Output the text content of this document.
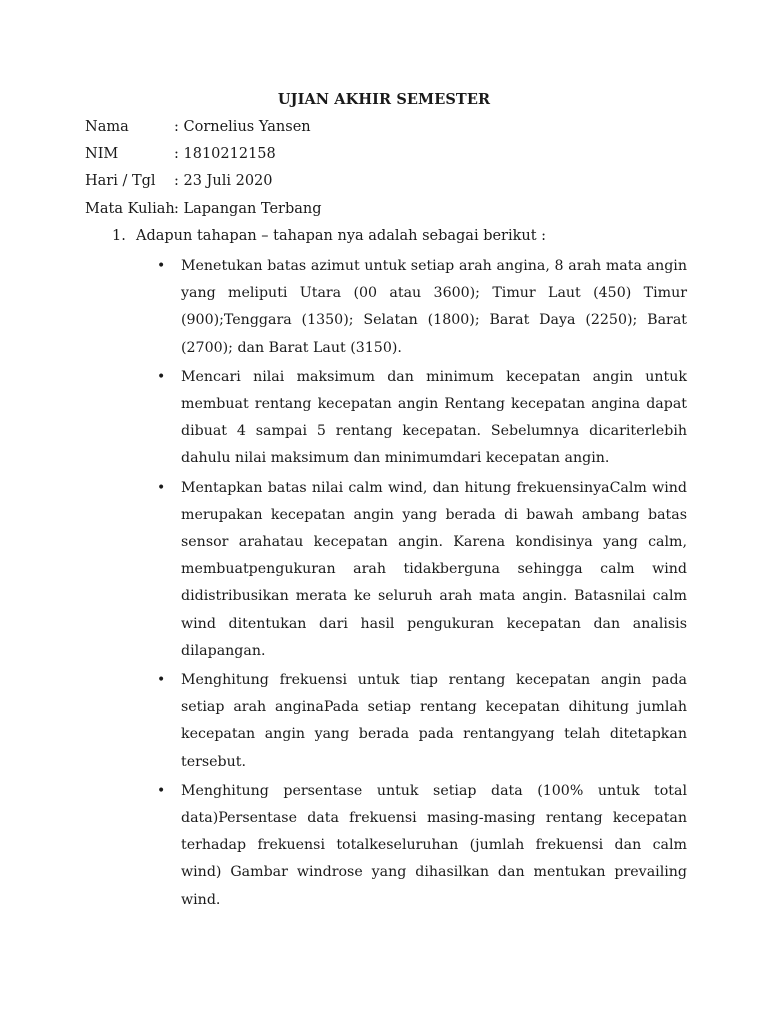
UJIAN AKHIR SEMESTER
Nama	: Cornelius Yansen
NIM	: 1810212158
Hari / Tgl : 23 Juli 2020
Mata Kuliah: Lapangan Terbang
1. Adapun tahapan – tahapan nya adalah sebagai berikut :
• Menetukan batas azimut untuk setiap arah angina, 8 arah mata angin yang meliputi Utara (00 atau 3600); Timur Laut (450) Timur (900);Tenggara (1350); Selatan (1800); Barat Daya (2250); Barat (2700); dan Barat Laut (3150).
• Mencari nilai maksimum dan minimum kecepatan angin untuk membuat rentang kecepatan angin Rentang kecepatan angina dapat dibuat 4 sampai 5 rentang kecepatan. Sebelumnya dicariterlebih dahulu nilai maksimum dan minimumdari kecepatan angin.
• Mentapkan batas nilai calm wind, dan hitung frekuensinyaCalm wind merupakan kecepatan angin yang berada di bawah ambang batas sensor arahatau kecepatan angin. Karena kondisinya yang calm, membuatpengukuran arah tidakberguna sehingga calm wind didistribusikan merata ke seluruh arah mata angin. Batasnilai calm wind ditentukan dari hasil pengukuran kecepatan dan analisis dilapangan.
• Menghitung frekuensi untuk tiap rentang kecepatan angin pada setiap arah anginaPada setiap rentang kecepatan dihitung jumlah kecepatan angin yang berada pada rentangyang telah ditetapkan tersebut.
• Menghitung persentase untuk setiap data (100% untuk total data)Persentase data frekuensi masing-masing rentang kecepatan terhadap frekuensi totalkeseluruhan (jumlah frekuensi dan calm wind) Gambar windrose yang dihasilkan dan mentukan prevailing wind.
